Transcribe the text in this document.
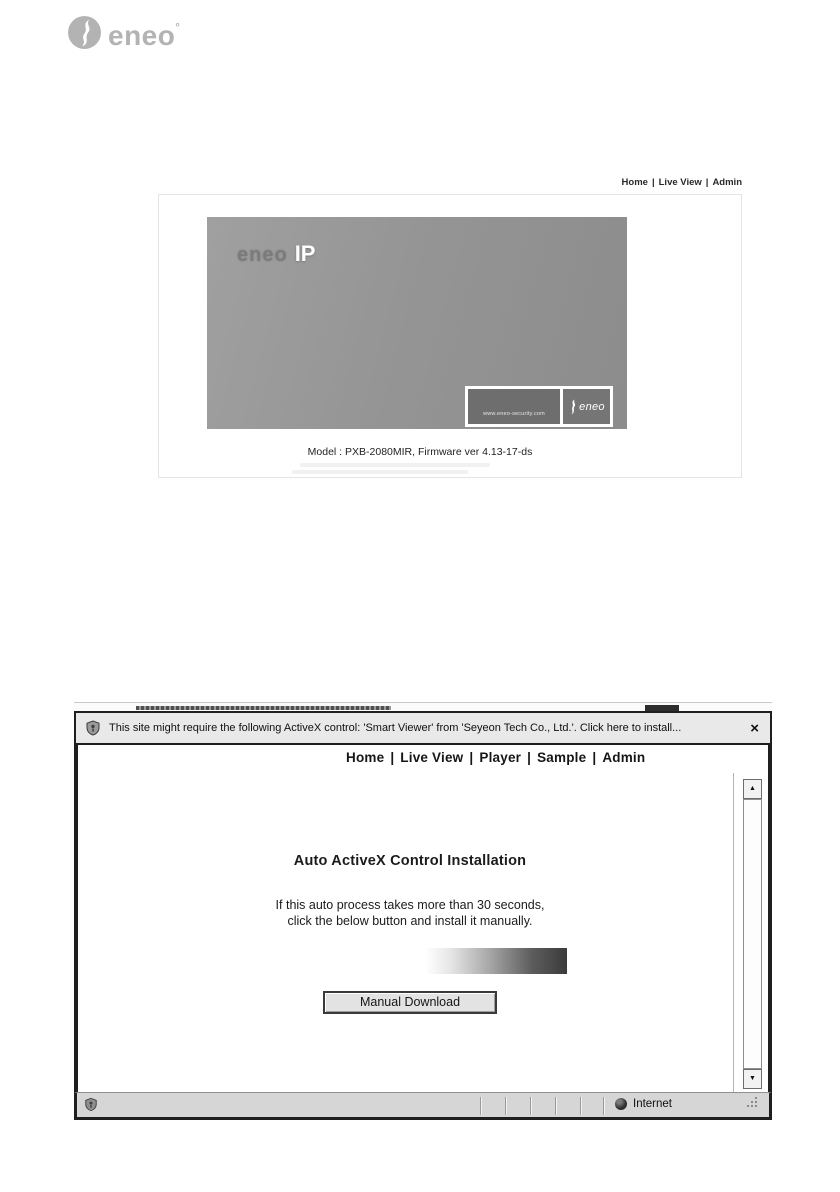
eneo°
Home | Live View | Admin
eneo IP
www.eneo-security.com
eneo
Model : PXB-2080MIR, Firmware ver 4.13-17-ds
This site might require the following ActiveX control: 'Smart Viewer' from 'Seyeon Tech Co., Ltd.'. Click here to install...	×
Home | Live View | Player | Sample | Admin
Auto ActiveX Control Installation
If this auto process takes more than 30 seconds,
click the below button and install it manually.
Manual Download
▲
▼
Internet
